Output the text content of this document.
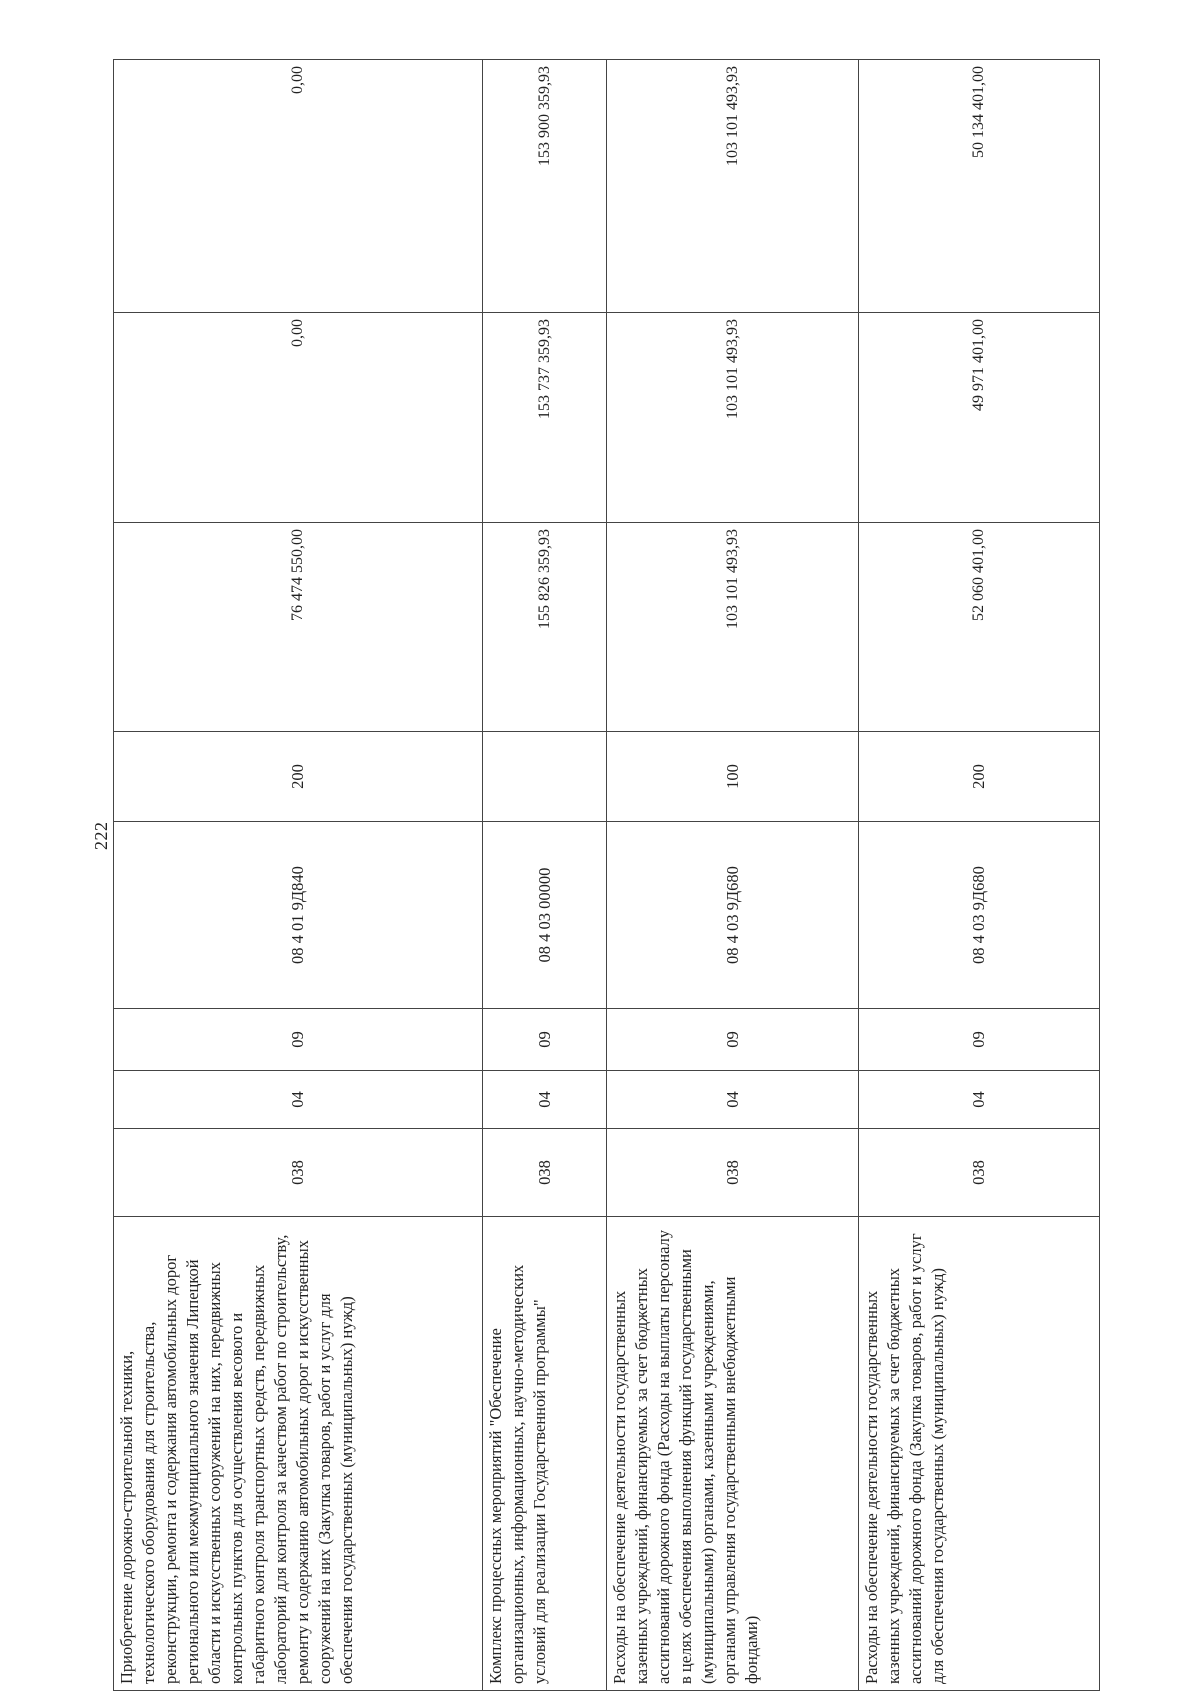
222
Приобретение дорожно-строительной техники, технологического оборудования для строительства, реконструкции, ремонта и содержания автомобильных дорог регионального или межмуниципального значения Липецкой области и искусственных сооружений на них, передвижных контрольных пунктов для осуществления весового и габаритного контроля транспортных средств, передвижных лабораторий для контроля за качеством работ по строительству, ремонту и содержанию автомобильных дорог и искусственных сооружений на них (Закупка товаров, работ и услуг для обеспечения государственных (муниципальных) нужд)	038	04	09	08 4 01 9Д840	200	76 474 550,00	0,00	0,00
Комплекс процессных мероприятий "Обеспечение организационных, информационных, научно-методических условий для реализации Государственной программы"	038	04	09	08 4 03 00000		155 826 359,93	153 737 359,93	153 900 359,93
Расходы на обеспечение деятельности государственных казенных учреждений, финансируемых за счет бюджетных ассигнований дорожного фонда (Расходы на выплаты персоналу в целях обеспечения выполнения функций государственными (муниципальными) органами, казенными учреждениями, органами управления государственными внебюджетными фондами)	038	04	09	08 4 03 9Д680	100	103 101 493,93	103 101 493,93	103 101 493,93
Расходы на обеспечение деятельности государственных казенных учреждений, финансируемых за счет бюджетных ассигнований дорожного фонда (Закупка товаров, работ и услуг для обеспечения государственных (муниципальных) нужд)	038	04	09	08 4 03 9Д680	200	52 060 401,00	49 971 401,00	50 134 401,00
